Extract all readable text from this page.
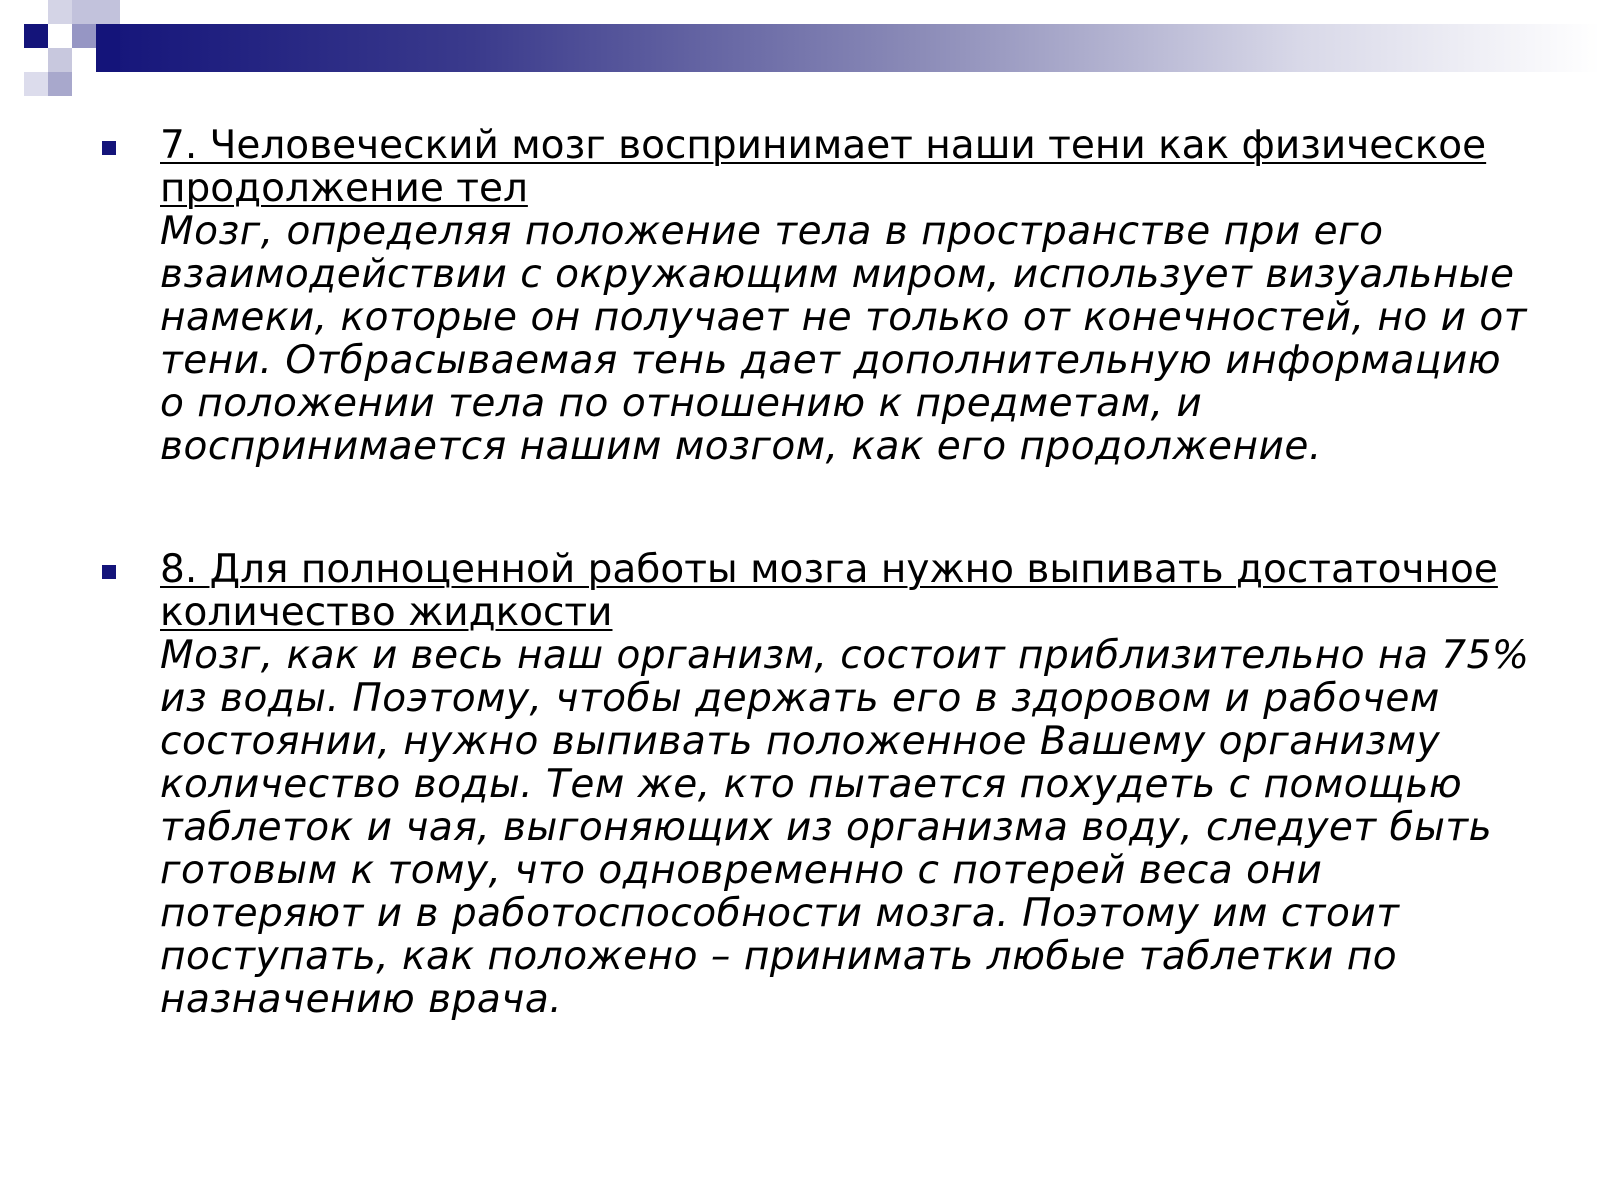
7. Человеческий мозг воспринимает наши тени как физическое продолжение тел
Мозг, определяя положение тела в пространстве при его взаимодействии с окружающим миром, использует визуальные намеки, которые он получает не только от конечностей, но и от тени. Отбрасываемая тень дает дополнительную информацию о положении тела по отношению к предметам, и воспринимается нашим мозгом, как его продолжение.
8. Для полноценной работы мозга нужно выпивать достаточное количество жидкости
Мозг, как и весь наш организм, состоит приблизительно на 75% из воды. Поэтому, чтобы держать его в здоровом и рабочем состоянии, нужно выпивать положенное Вашему организму количество воды. Тем же, кто пытается похудеть с помощью таблеток и чая, выгоняющих из организма воду, следует быть готовым к тому, что одновременно с потерей веса они потеряют и в работоспособности мозга. Поэтому им стоит поступать, как положено – принимать любые таблетки по назначению врача.
